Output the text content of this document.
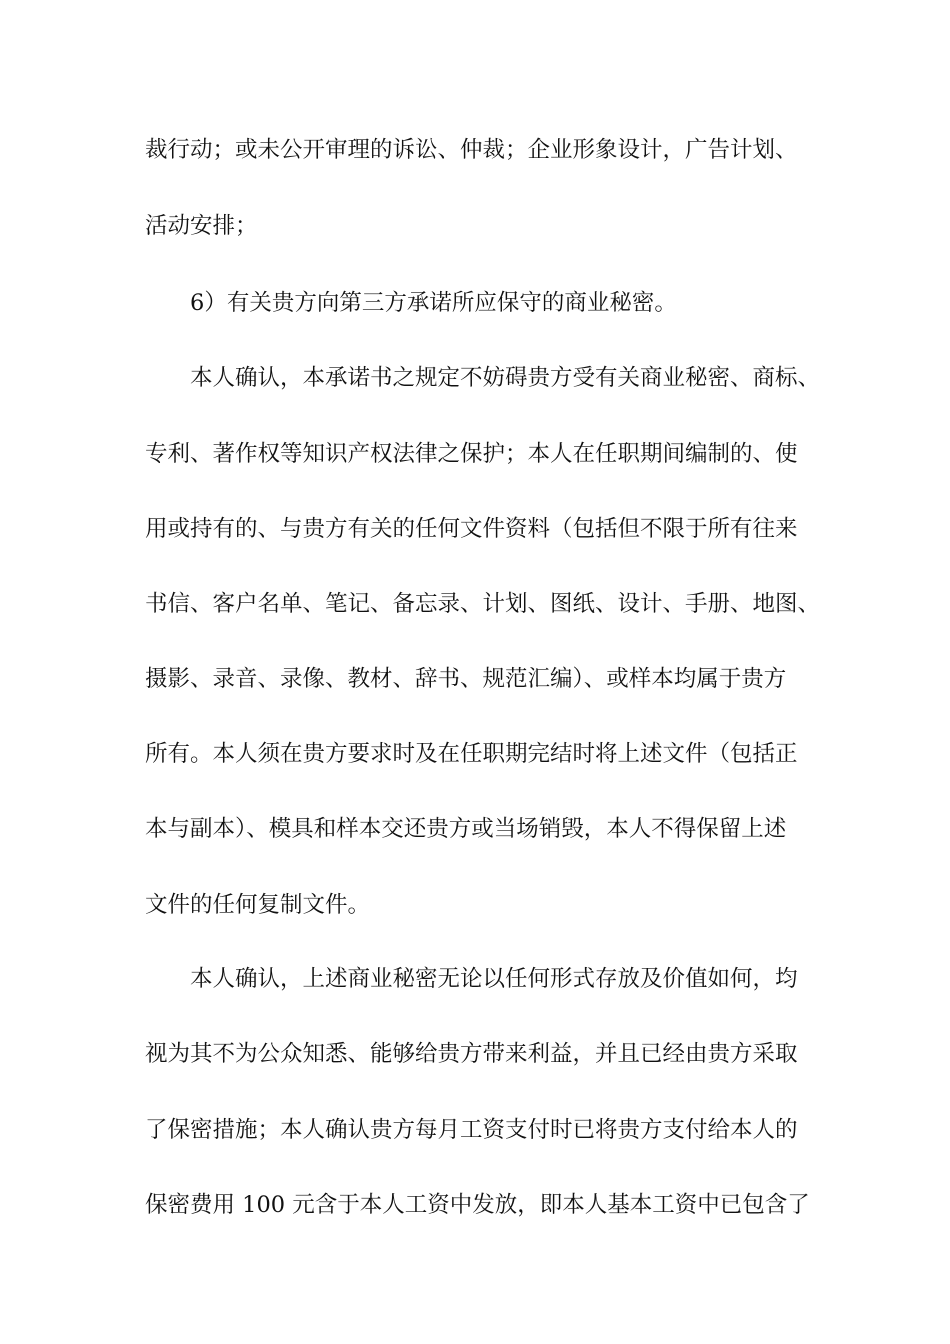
裁行动；或未公开审理的诉讼、仲裁；企业形象设计，广告计划、
活动安排；
6）有关贵方向第三方承诺所应保守的商业秘密。
本人确认，本承诺书之规定不妨碍贵方受有关商业秘密、商标、
专利、著作权等知识产权法律之保护；本人在任职期间编制的、使
用或持有的、与贵方有关的任何文件资料（包括但不限于所有往来
书信、客户名单、笔记、备忘录、计划、图纸、设计、手册、地图、
摄影、录音、录像、教材、辞书、规范汇编）、或样本均属于贵方
所有。本人须在贵方要求时及在任职期完结时将上述文件（包括正
本与副本）、模具和样本交还贵方或当场销毁，本人不得保留上述
文件的任何复制文件。
本人确认，上述商业秘密无论以任何形式存放及价值如何，均
视为其不为公众知悉、能够给贵方带来利益，并且已经由贵方采取
了保密措施；本人确认贵方每月工资支付时已将贵方支付给本人的
保密费用 100 元含于本人工资中发放，即本人基本工资中已包含了
